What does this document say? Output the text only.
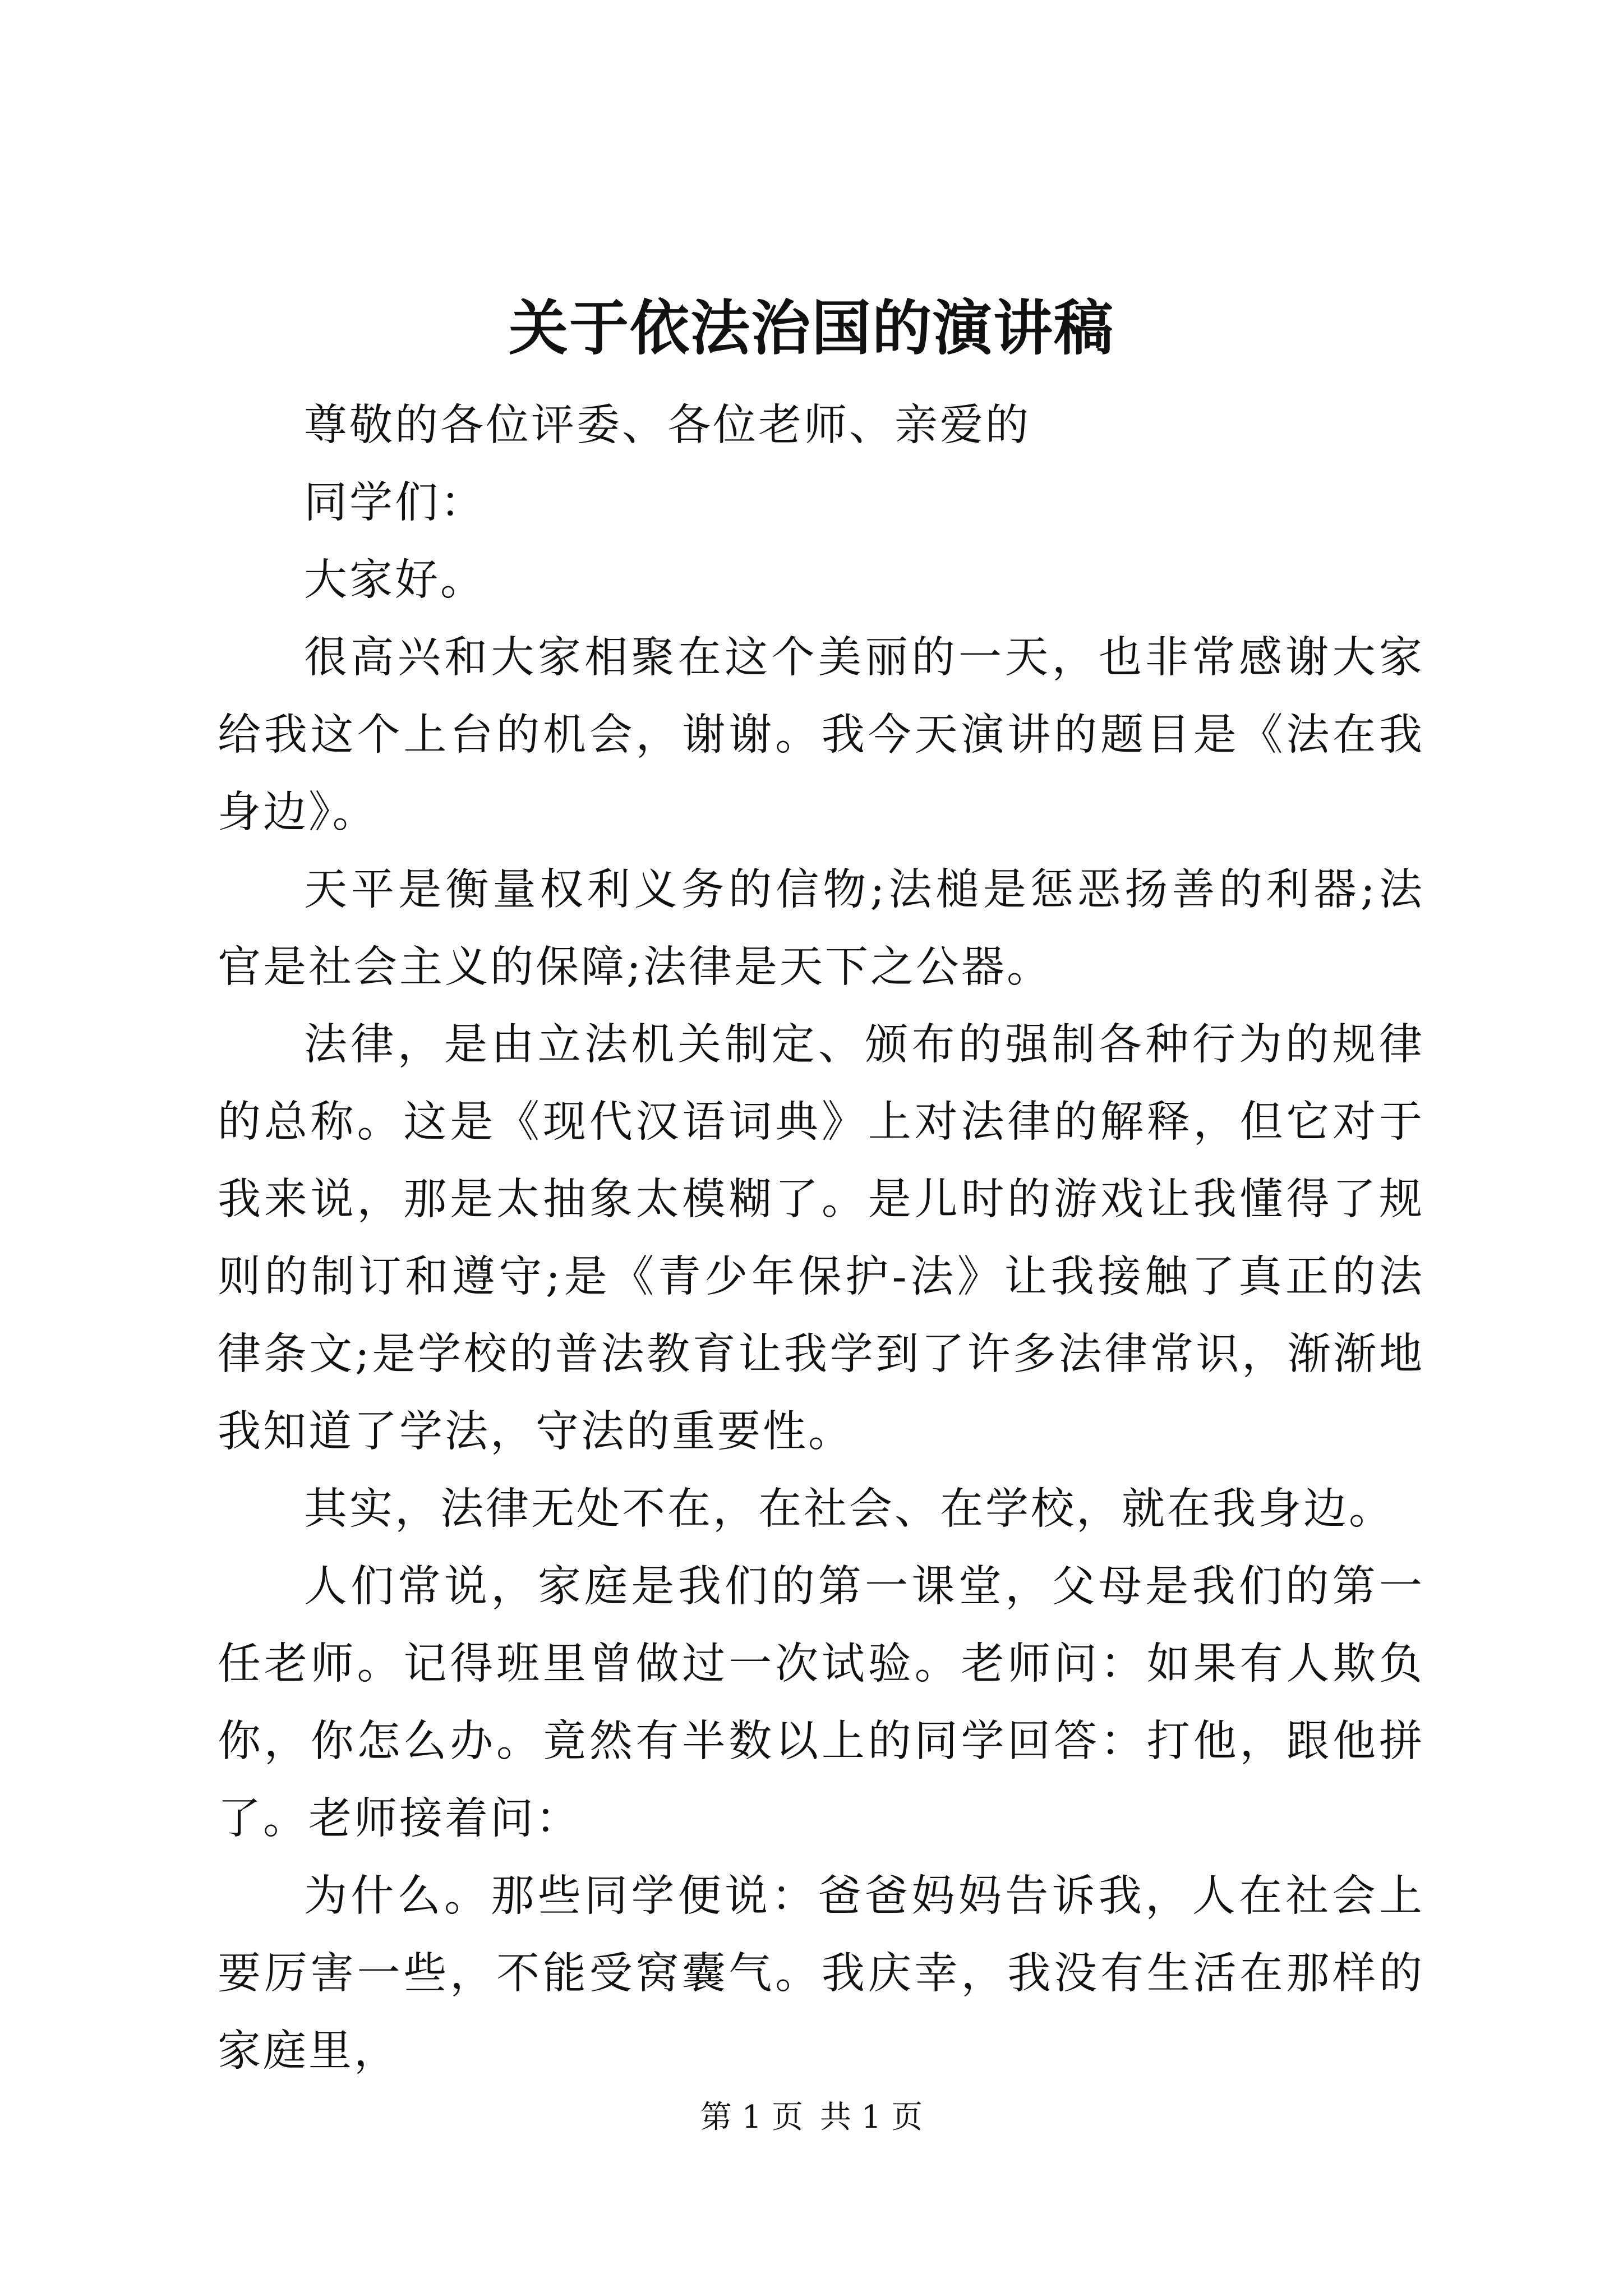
关于依法治国的演讲稿

尊敬的各位评委、各位老师、亲爱的

同学们：

大家好。

很高兴和大家相聚在这个美丽的一天，也非常感谢大家给我这个上台的机会，谢谢。我今天演讲的题目是《法在我身边》。

天平是衡量权利义务的信物;法槌是惩恶扬善的利器;法官是社会主义的保障;法律是天下之公器。

法律，是由立法机关制定、颁布的强制各种行为的规律的总称。这是《现代汉语词典》上对法律的解释，但它对于我来说，那是太抽象太模糊了。是儿时的游戏让我懂得了规则的制订和遵守;是《青少年保护-法》让我接触了真正的法律条文;是学校的普法教育让我学到了许多法律常识，渐渐地我知道了学法，守法的重要性。

其实，法律无处不在，在社会、在学校，就在我身边。

人们常说，家庭是我们的第一课堂，父母是我们的第一任老师。记得班里曾做过一次试验。老师问：如果有人欺负你，你怎么办。竟然有半数以上的同学回答：打他，跟他拼了。老师接着问：

为什么。那些同学便说：爸爸妈妈告诉我，人在社会上要厉害一些，不能受窝囊气。我庆幸，我没有生活在那样的家庭里，

第 1 页 共 1 页
